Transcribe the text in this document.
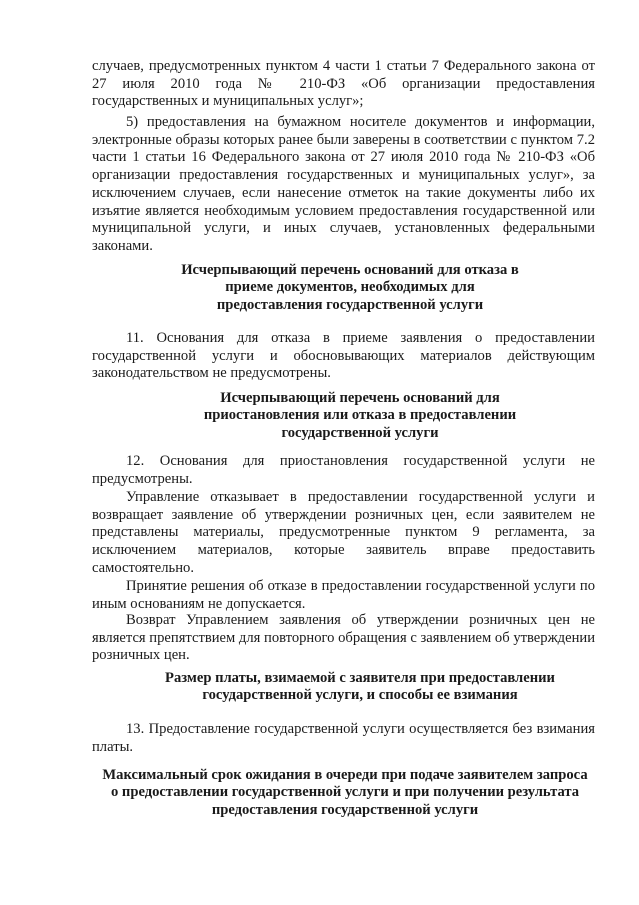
случаев, предусмотренных пунктом 4 части 1 статьи 7 Федерального закона от 27 июля 2010 года № 210-ФЗ «Об организации предоставления государственных и муниципальных услуг»;

5) предоставления на бумажном носителе документов и информации, электронные образы которых ранее были заверены в соответствии с пунктом 7.2 части 1 статьи 16 Федерального закона от 27 июля 2010 года № 210-ФЗ «Об организации предоставления государственных и муниципальных услуг», за исключением случаев, если нанесение отметок на такие документы либо их изъятие является необходимым условием предоставления государственной или муниципальной услуги, и иных случаев, установленных федеральными законами.

Исчерпывающий перечень оснований для отказа в приеме документов, необходимых для предоставления государственной услуги

11. Основания для отказа в приеме заявления о предоставлении государственной услуги и обосновывающих материалов действующим законодательством не предусмотрены.

Исчерпывающий перечень оснований для приостановления или отказа в предоставлении государственной услуги

12. Основания для приостановления государственной услуги не предусмотрены.

Управление отказывает в предоставлении государственной услуги и возвращает заявление об утверждении розничных цен, если заявителем не представлены материалы, предусмотренные пунктом 9 регламента, за исключением материалов, которые заявитель вправе предоставить самостоятельно.

Принятие решения об отказе в предоставлении государственной услуги по иным основаниям не допускается.

Возврат Управлением заявления об утверждении розничных цен не является препятствием для повторного обращения с заявлением об утверждении розничных цен.

Размер платы, взимаемой с заявителя при предоставлении государственной услуги, и способы ее взимания

13. Предоставление государственной услуги осуществляется без взимания платы.

Максимальный срок ожидания в очереди при подаче заявителем запроса о предоставлении государственной услуги и при получении результата предоставления государственной услуги
